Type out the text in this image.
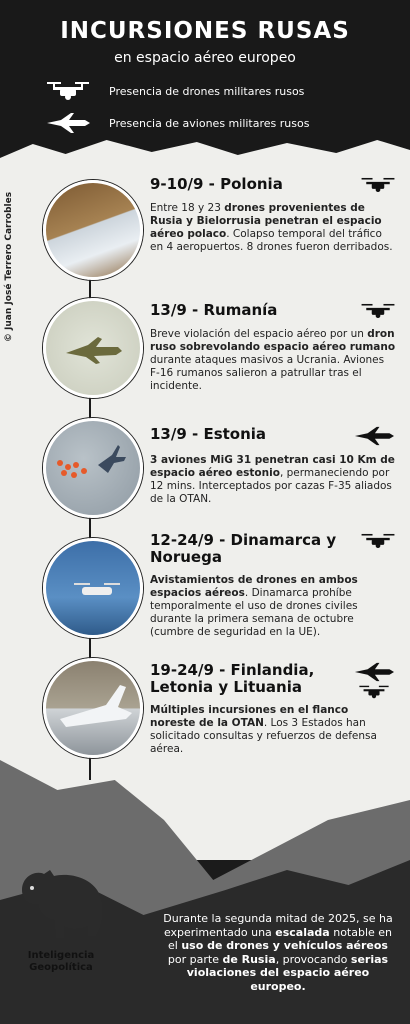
INCURSIONES RUSAS
en espacio aéreo europeo
Presencia de drones militares rusos
Presencia de aviones militares rusos
© Juan José Terrero Carrobles
9-10/9 - Polonia
Entre 18 y 23 drones provenientes de Rusia y Bielorrusia penetran el espacio aéreo polaco. Colapso temporal del tráfico en 4 aeropuertos. 8 drones fueron derribados.
13/9 - Rumanía
Breve violación del espacio aéreo por un dron ruso sobrevolando espacio aéreo rumano durante ataques masivos a Ucrania. Aviones F-16 rumanos salieron a patrullar tras el incidente.
13/9 - Estonia
3 aviones MiG 31 penetran casi 10 Km de espacio aéreo estonio, permaneciendo por 12 mins. Interceptados por cazas F-35 aliados de la OTAN.
12-24/9 - Dinamarca y Noruega
Avistamientos de drones en ambos espacios aéreos. Dinamarca prohíbe temporalmente el uso de drones civiles durante la primera semana de octubre (cumbre de seguridad en la UE).
19-24/9 - Finlandia, Letonia y Lituania
Múltiples incursiones en el flanco noreste de la OTAN. Los 3 Estados han solicitado consultas y refuerzos de defensa aérea.
Inteligencia
Geopolítica
Durante la segunda mitad de 2025, se ha experimentado una escalada notable en el uso de drones y vehículos aéreos por parte de Rusia, provocando serias violaciones del espacio aéreo europeo.
